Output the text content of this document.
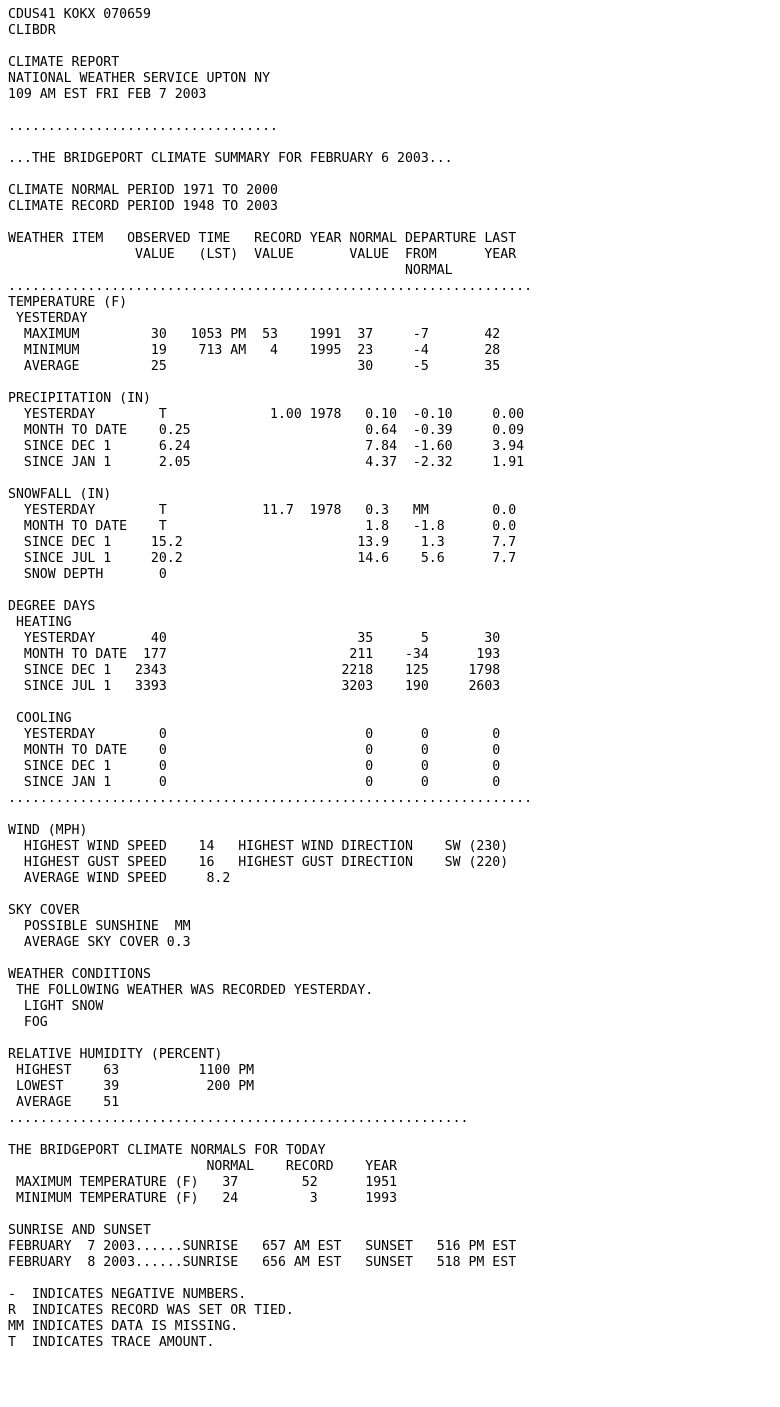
CDUS41 KOKX 070659
CLIBDR
CLIMATE REPORT
NATIONAL WEATHER SERVICE UPTON NY
109 AM EST FRI FEB 7 2003
..................................
...THE BRIDGEPORT CLIMATE SUMMARY FOR FEBRUARY 6 2003...
CLIMATE NORMAL PERIOD 1971 TO 2000
CLIMATE RECORD PERIOD 1948 TO 2003
WEATHER ITEM   OBSERVED TIME   RECORD YEAR NORMAL DEPARTURE LAST
VALUE   (LST)  VALUE       VALUE  FROM      YEAR
NORMAL
..................................................................
TEMPERATURE (F)
YESTERDAY
MAXIMUM         30   1053 PM  53    1991  37     -7       42
MINIMUM         19    713 AM   4    1995  23     -4       28
AVERAGE         25                        30     -5       35
PRECIPITATION (IN)
YESTERDAY        T             1.00 1978   0.10  -0.10     0.00
MONTH TO DATE    0.25                      0.64  -0.39     0.09
SINCE DEC 1      6.24                      7.84  -1.60     3.94
SINCE JAN 1      2.05                      4.37  -2.32     1.91
SNOWFALL (IN)
YESTERDAY        T            11.7  1978   0.3   MM        0.0
MONTH TO DATE    T                         1.8   -1.8      0.0
SINCE DEC 1     15.2                      13.9    1.3      7.7
SINCE JUL 1     20.2                      14.6    5.6      7.7
SNOW DEPTH       0
DEGREE DAYS
HEATING
YESTERDAY       40                        35      5       30
MONTH TO DATE  177                       211    -34      193
SINCE DEC 1   2343                      2218    125     1798
SINCE JUL 1   3393                      3203    190     2603
COOLING
YESTERDAY        0                         0      0        0
MONTH TO DATE    0                         0      0        0
SINCE DEC 1      0                         0      0        0
SINCE JAN 1      0                         0      0        0
..................................................................
WIND (MPH)
HIGHEST WIND SPEED    14   HIGHEST WIND DIRECTION    SW (230)
HIGHEST GUST SPEED    16   HIGHEST GUST DIRECTION    SW (220)
AVERAGE WIND SPEED     8.2
SKY COVER
POSSIBLE SUNSHINE  MM
AVERAGE SKY COVER 0.3
WEATHER CONDITIONS
THE FOLLOWING WEATHER WAS RECORDED YESTERDAY.
LIGHT SNOW
FOG
RELATIVE HUMIDITY (PERCENT)
HIGHEST    63          1100 PM
LOWEST     39           200 PM
AVERAGE    51
..........................................................
THE BRIDGEPORT CLIMATE NORMALS FOR TODAY
NORMAL    RECORD    YEAR
MAXIMUM TEMPERATURE (F)   37        52      1951
MINIMUM TEMPERATURE (F)   24         3      1993
SUNRISE AND SUNSET
FEBRUARY  7 2003......SUNRISE   657 AM EST   SUNSET   516 PM EST
FEBRUARY  8 2003......SUNRISE   656 AM EST   SUNSET   518 PM EST
-  INDICATES NEGATIVE NUMBERS.
R  INDICATES RECORD WAS SET OR TIED.
MM INDICATES DATA IS MISSING.
T  INDICATES TRACE AMOUNT.
